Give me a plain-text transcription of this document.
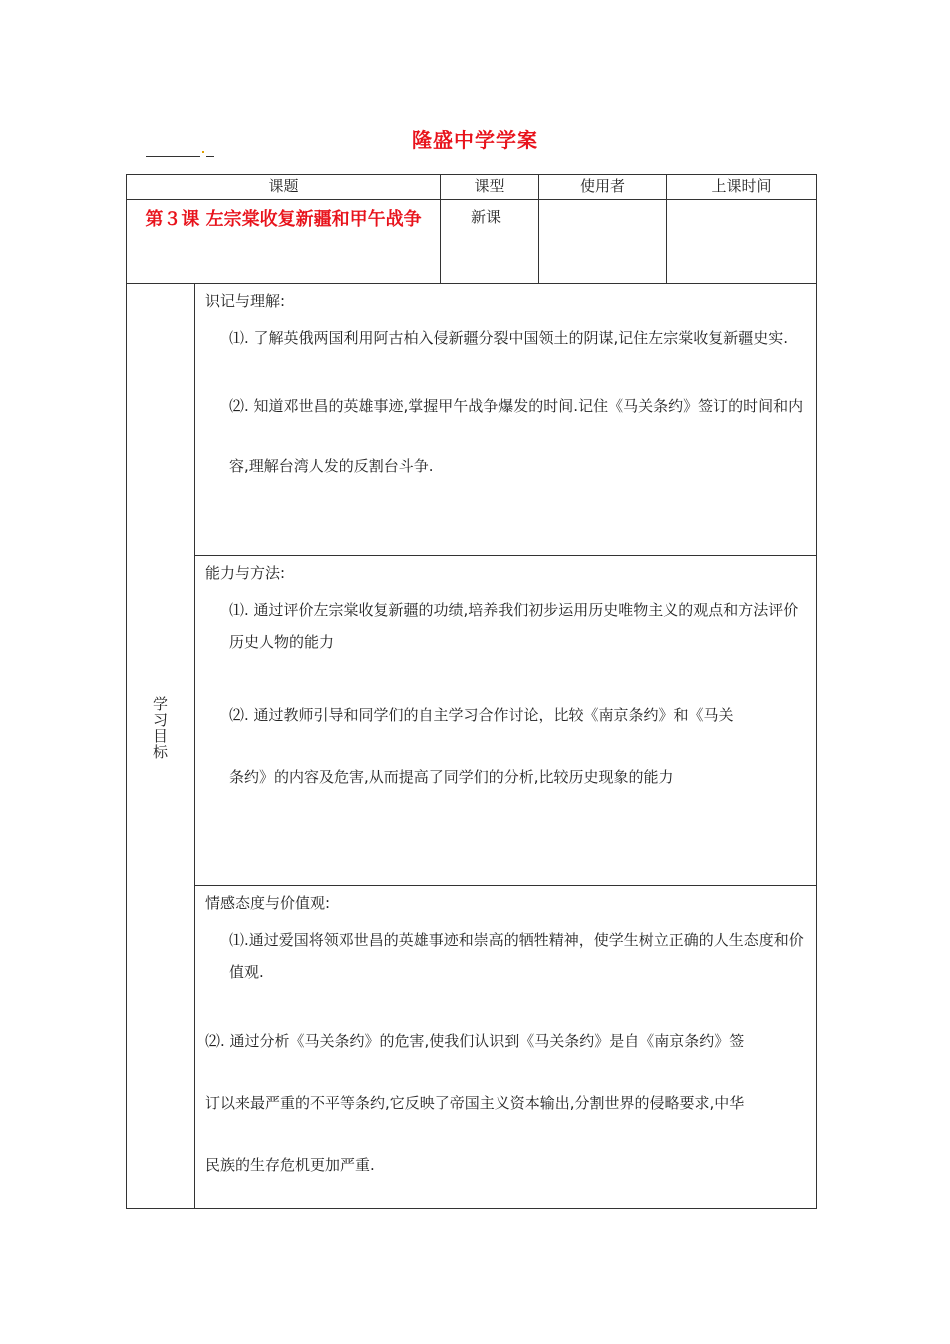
隆盛中学学案
课题		课型	使用者	上课时间
第３课 左宗棠收复新疆和甲午战争		新课		

学习目标	识记与理解:

⑴. 了解英俄两国利用阿古柏入侵新疆分裂中国领土的阴谋,记住左宗棠收复新疆史实.

⑵. 知道邓世昌的英雄事迹,掌握甲午战争爆发的时间.记住《马关条约》签订的时间和内容,理解台湾人发的反割台斗争.			

	能力与方法:

⑴. 通过评价左宗棠收复新疆的功绩,培养我们初步运用历史唯物主义的观点和方法评价历史人物的能力

⑵. 通过教师引导和同学们的自主学习合作讨论，比较《南京条约》和《马关条约》的内容及危害,从而提高了同学们的分析,比较历史现象的能力			

	情感态度与价值观:

⑴.通过爱国将领邓世昌的英雄事迹和崇高的牺牲精神，使学生树立正确的人生态度和价值观.

⑵. 通过分析《马关条约》的危害,使我们认识到《马关条约》是自《南京条约》签订以来最严重的不平等条约,它反映了帝国主义资本输出,分割世界的侵略要求,中华民族的生存危机更加严重.			
